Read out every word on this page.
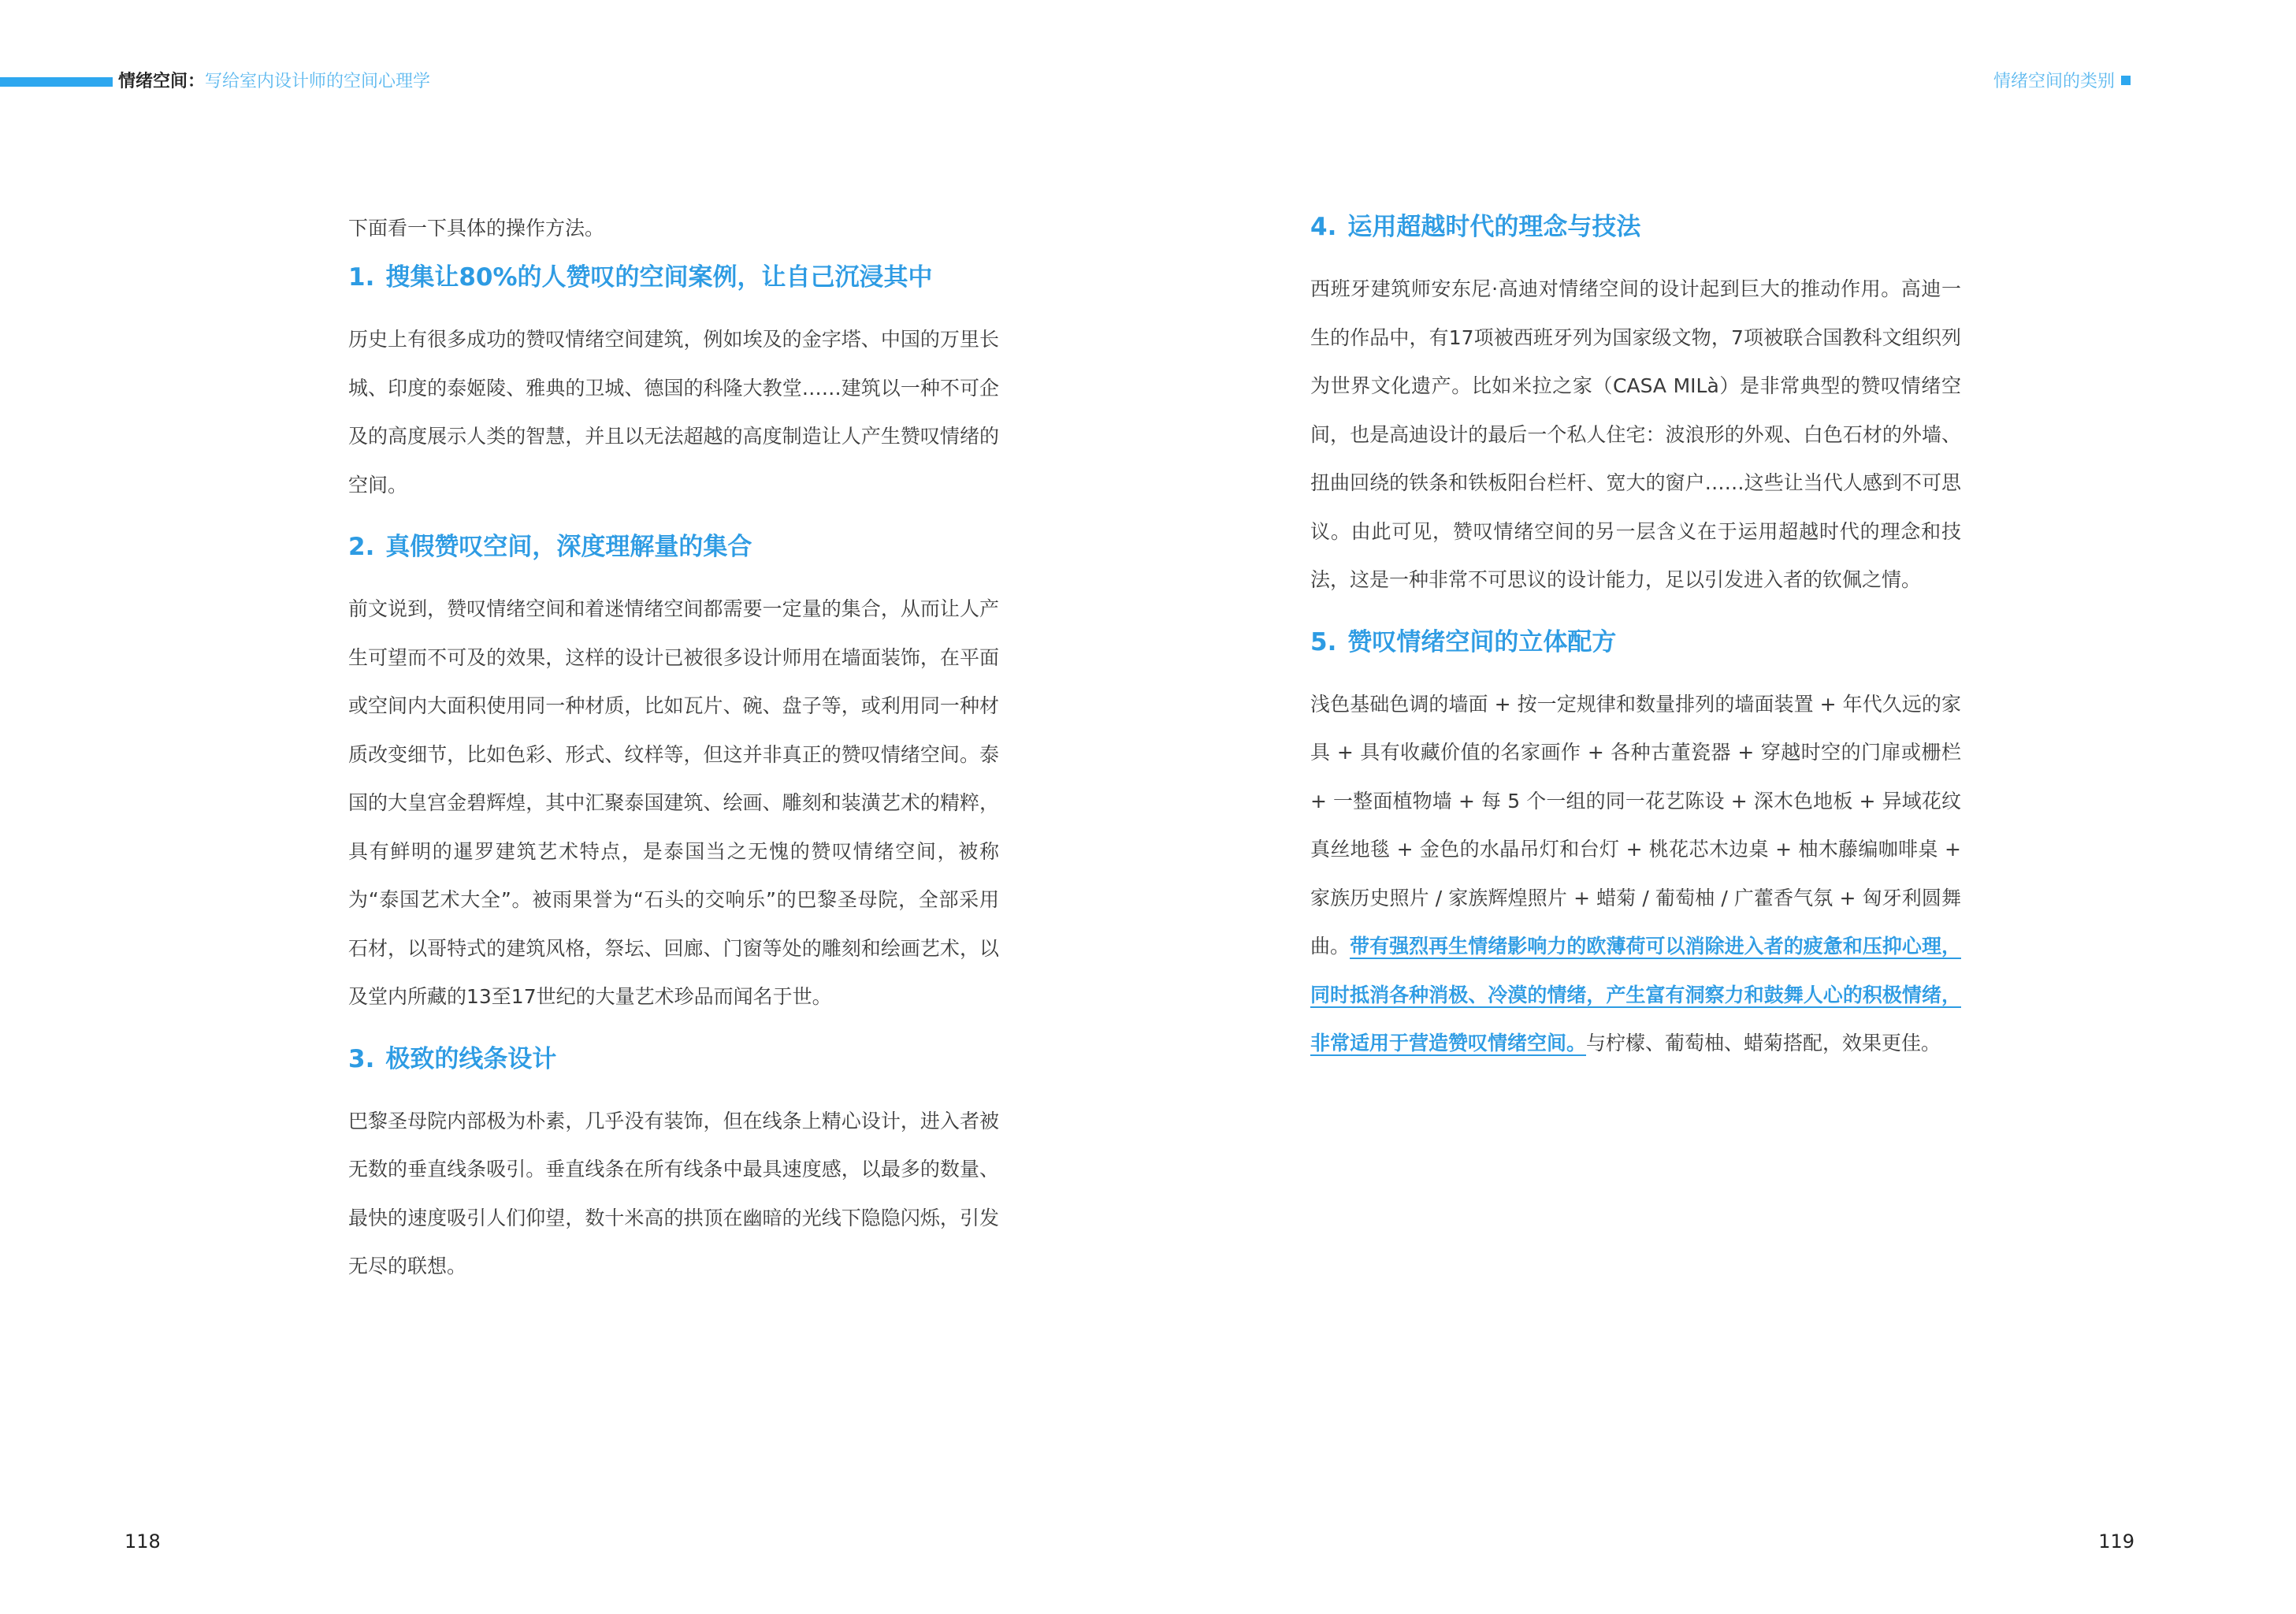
情绪空间：写给室内设计师的空间心理学

下面看一下具体的操作方法。

1. 搜集让80%的人赞叹的空间案例，让自己沉浸其中

历史上有很多成功的赞叹情绪空间建筑，例如埃及的金字塔、中国的万里长城、印度的泰姬陵、雅典的卫城、德国的科隆大教堂……建筑以一种不可企及的高度展示人类的智慧，并且以无法超越的高度制造让人产生赞叹情绪的空间。

2. 真假赞叹空间，深度理解量的集合

前文说到，赞叹情绪空间和着迷情绪空间都需要一定量的集合，从而让人产生可望而不可及的效果，这样的设计已被很多设计师用在墙面装饰，在平面或空间内大面积使用同一种材质，比如瓦片、碗、盘子等，或利用同一种材质改变细节，比如色彩、形式、纹样等，但这并非真正的赞叹情绪空间。泰国的大皇宫金碧辉煌，其中汇聚泰国建筑、绘画、雕刻和装潢艺术的精粹，具有鲜明的暹罗建筑艺术特点，是泰国当之无愧的赞叹情绪空间，被称为“泰国艺术大全”。被雨果誉为“石头的交响乐”的巴黎圣母院，全部采用石材，以哥特式的建筑风格，祭坛、回廊、门窗等处的雕刻和绘画艺术，以及堂内所藏的13至17世纪的大量艺术珍品而闻名于世。

3. 极致的线条设计

巴黎圣母院内部极为朴素，几乎没有装饰，但在线条上精心设计，进入者被无数的垂直线条吸引。垂直线条在所有线条中最具速度感，以最多的数量、最快的速度吸引人们仰望，数十米高的拱顶在幽暗的光线下隐隐闪烁，引发无尽的联想。

118
情绪空间的类别
4. 运用超越时代的理念与技法

西班牙建筑师安东尼·高迪对情绪空间的设计起到巨大的推动作用。高迪一生的作品中，有17项被西班牙列为国家级文物，7项被联合国教科文组织列为世界文化遗产。比如米拉之家（CASA MILà）是非常典型的赞叹情绪空间，也是高迪设计的最后一个私人住宅：波浪形的外观、白色石材的外墙、扭曲回绕的铁条和铁板阳台栏杆、宽大的窗户……这些让当代人感到不可思议。由此可见，赞叹情绪空间的另一层含义在于运用超越时代的理念和技法，这是一种非常不可思议的设计能力，足以引发进入者的钦佩之情。

5. 赞叹情绪空间的立体配方

浅色基础色调的墙面 + 按一定规律和数量排列的墙面装置 + 年代久远的家具 + 具有收藏价值的名家画作 + 各种古董瓷器 + 穿越时空的门扉或栅栏 + 一整面植物墙 + 每 5 个一组的同一花艺陈设 + 深木色地板 + 异域花纹真丝地毯 + 金色的水晶吊灯和台灯 + 桃花芯木边桌 + 柚木藤编咖啡桌 + 家族历史照片 / 家族辉煌照片 + 蜡菊 / 葡萄柚 / 广藿香气氛 + 匈牙利圆舞曲。带有强烈再生情绪影响力的欧薄荷可以消除进入者的疲惫和压抑心理，同时抵消各种消极、冷漠的情绪，产生富有洞察力和鼓舞人心的积极情绪，非常适用于营造赞叹情绪空间。与柠檬、葡萄柚、蜡菊搭配，效果更佳。

119
